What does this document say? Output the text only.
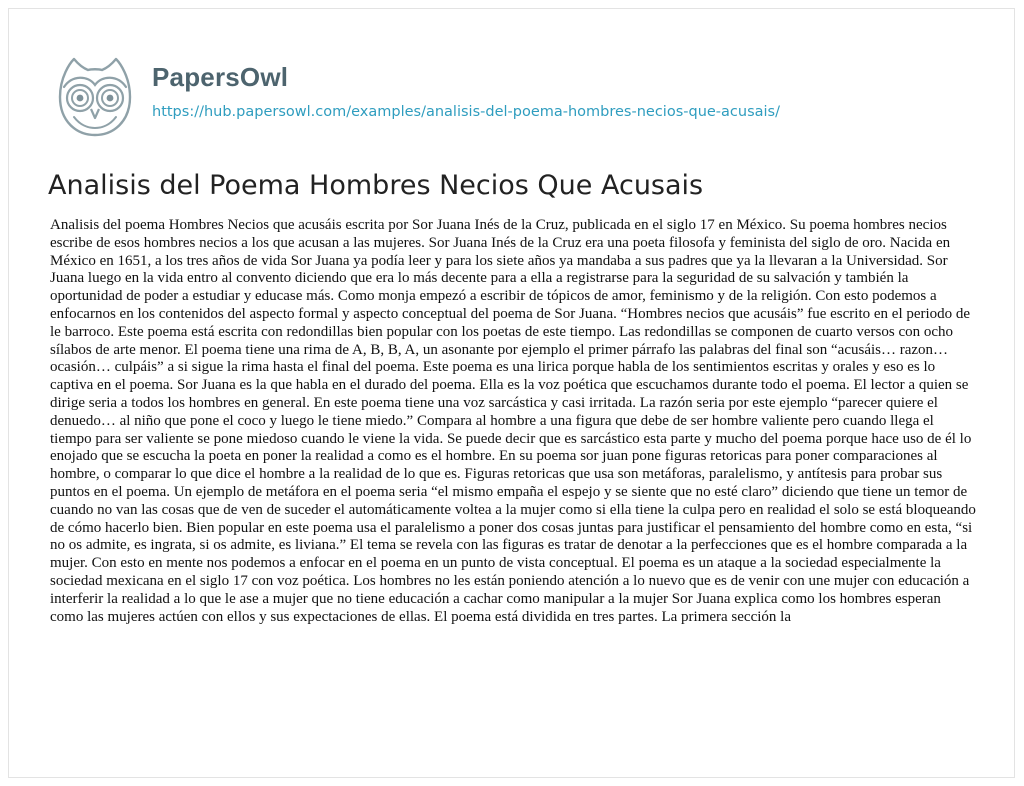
PapersOwl
https://hub.papersowl.com/examples/analisis-del-poema-hombres-necios-que-acusais/
Analisis del Poema Hombres Necios Que Acusais

Analisis del poema Hombres Necios que acusáis escrita por Sor Juana Inés de la Cruz, publicada en el siglo 17 en México. Su poema hombres necios escribe de esos hombres necios a los que acusan a las mujeres. Sor Juana Inés de la Cruz era una poeta filosofa y feminista del siglo de oro. Nacida en México en 1651, a los tres años de vida Sor Juana ya podía leer y para los siete años ya mandaba a sus padres que ya la llevaran a la Universidad. Sor Juana luego en la vida entro al convento diciendo que era lo más decente para a ella a registrarse para la seguridad de su salvación y también la oportunidad de poder a estudiar y educase más. Como monja empezó a escribir de tópicos de amor, feminismo y de la religión. Con esto podemos a enfocarnos en los contenidos del aspecto formal y aspecto conceptual del poema de Sor Juana. “Hombres necios que acusáis” fue escrito en el periodo de le barroco. Este poema está escrita con redondillas bien popular con los poetas de este tiempo. Las redondillas se componen de cuarto versos con ocho sílabos de arte menor. El poema tiene una rima de A, B, B, A, un asonante por ejemplo el primer párrafo las palabras del final son “acusáis… razon… ocasión… culpáis” a si sigue la rima hasta el final del poema. Este poema es una lirica porque habla de los sentimientos escritas y orales y eso es lo captiva en el poema. Sor Juana es la que habla en el durado del poema. Ella es la voz poética que escuchamos durante todo el poema. El lector a quien se dirige seria a todos los hombres en general. En este poema tiene una voz sarcástica y casi irritada. La razón seria por este ejemplo “parecer quiere el denuedo… al niño que pone el coco y luego le tiene miedo.” Compara al hombre a una figura que debe de ser hombre valiente pero cuando llega el tiempo para ser valiente se pone miedoso cuando le viene la vida. Se puede decir que es sarcástico esta parte y mucho del poema porque hace uso de él lo enojado que se escucha la poeta en poner la realidad a como es el hombre. En su poema sor juan pone figuras retoricas para poner comparaciones al hombre, o comparar lo que dice el hombre a la realidad de lo que es. Figuras retoricas que usa son metáforas, paralelismo, y antítesis para probar sus puntos en el poema. Un ejemplo de metáfora en el poema seria “el mismo empaña el espejo y se siente que no esté claro” diciendo que tiene un temor de cuando no van las cosas que de ven de suceder el automáticamente voltea a la mujer como si ella tiene la culpa pero en realidad el solo se está bloqueando de cómo hacerlo bien. Bien popular en este poema usa el paralelismo a poner dos cosas juntas para justificar el pensamiento del hombre como en esta, “si no os admite, es ingrata, si os admite, es liviana.” El tema se revela con las figuras es tratar de denotar a la perfecciones que es el hombre comparada a la mujer. Con esto en mente nos podemos a enfocar en el poema en un punto de vista conceptual. El poema es un ataque a la sociedad especialmente la sociedad mexicana en el siglo 17 con voz poética. Los hombres no les están poniendo atención a lo nuevo que es de venir con une mujer con educación a interferir la realidad a lo que le ase a mujer que no tiene educación a cachar como manipular a la mujer Sor Juana explica como los hombres esperan como las mujeres actúen con ellos y sus expectaciones de ellas. El poema está dividida en tres partes. La primera sección la
